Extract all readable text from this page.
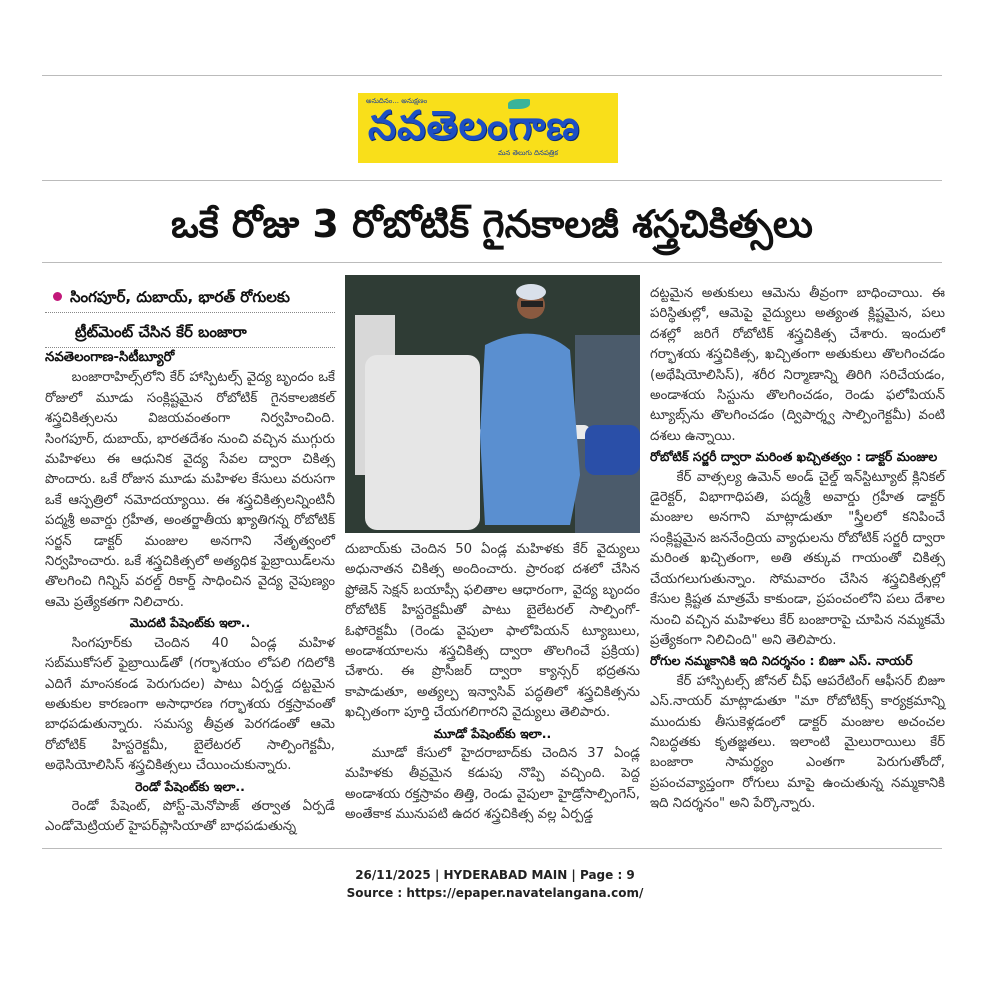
అనుదినం... అనుక్షణం
నవతెలంగాణ
మన తెలుగు దినపత్రిక
ఒకే రోజు 3 రోబోటిక్ గైనకాలజీ శస్త్రచికిత్సలు
సింగపూర్, దుబాయ్, భారత్ రోగులకు
ట్రీట్‌మెంట్ చేసిన కేర్ బంజారా
నవతెలంగాణ-సిటీబ్యూరో

బంజారాహిల్స్‌లోని కేర్ హాస్పిటల్స్ వైద్య బృందం ఒకే రోజులో మూడు సంక్లిష్టమైన రోబోటిక్ గైనకాలజికల్ శస్త్రచికిత్సలను విజయవంతంగా నిర్వహించింది. సింగపూర్, దుబాయ్, భారతదేశం నుంచి వచ్చిన ముగ్గురు మహిళలు ఈ ఆధునిక వైద్య సేవల ద్వారా చికిత్స పొందారు. ఒకే రోజున మూడు మహిళల కేసులు వరుసగా ఒకే ఆస్పత్రిలో నమోదయ్యాయి. ఈ శస్త్రచికిత్సలన్నింటినీ పద్మశ్రీ అవార్డు గ్రహీత, అంతర్జాతీయ ఖ్యాతిగన్న రోబోటిక్ సర్జన్ డాక్టర్ మంజుల అనగాని నేతృత్వంలో నిర్వహించారు. ఒకే శస్త్రచికిత్సలో అత్యధిక ఫైబ్రాయిడ్‌లను తొలగించి గిన్నిస్ వరల్డ్ రికార్డ్ సాధించిన వైద్య నైపుణ్యం ఆమె ప్రత్యేకతగా నిలిచారు.

మొదటి పేషెంట్‌కు ఇలా..

సింగపూర్‌కు చెందిన 40 ఏండ్ల మహిళ సబ్‌ముకోసల్ ఫైబ్రాయిడ్‌తో (గర్భాశయం లోపలి గదిలోకి ఎదిగే మాంసకండ పెరుగుదల) పాటు ఏర్పడ్డ దట్టమైన అతుకుల కారణంగా అసాధారణ గర్భాశయ రక్తస్రావంతో బాధపడుతున్నారు. సమస్య తీవ్రత పెరగడంతో ఆమె రోబోటిక్ హిస్టరెక్టమీ, బైలేటరల్ సాల్పింగెక్టమీ, అథెసియోలిసిస్ శస్త్రచికిత్సలు చేయించుకున్నారు.

రెండో పేషెంట్‌కు ఇలా..

రెండో పేషెంట్, పోస్ట్-మెనోపాజ్ తర్వాత ఏర్పడే ఎండోమెట్రియల్ హైపర్‌ప్లాసియాతో బాధపడుతున్న

దుబాయ్‌కు చెందిన 50 ఏండ్ల మహిళకు కేర్ వైద్యులు అధునాతన చికిత్స అందించారు. ప్రారంభ దశలో చేసిన ఫ్రోజెన్ సెక్షన్ బయాప్సీ ఫలితాల ఆధారంగా, వైద్య బృందం రోబోటిక్ హిస్టరెక్టమీతో పాటు బైలేటరల్ సాల్పింగో-ఓఫోరెక్టమీ (రెండు వైపులా ఫాలోపియన్ ట్యూబులు, అండాశయాలను శస్త్రచికిత్స ద్వారా తొలగించే ప్రక్రియ) చేశారు. ఈ ప్రొసీజర్ ద్వారా క్యాన్సర్ భద్రతను కాపాడుతూ, అత్యల్ప ఇన్వాసివ్ పద్ధతిలో శస్త్రచికిత్సను ఖచ్చితంగా పూర్తి చేయగలిగారని వైద్యులు తెలిపారు.

మూడో పేషెంట్‌కు ఇలా..

మూడో కేసులో హైదరాబాద్‌కు చెందిన 37 ఏండ్ల మహిళకు తీవ్రమైన కడుపు నొప్పి వచ్చింది. పెద్ద అండాశయ రక్తస్రావం తిత్తి, రెండు వైపులా హైడ్రోసాల్పింగెస్, అంతేకాక మునుపటి ఉదర శస్త్రచికిత్స వల్ల ఏర్పడ్డ

దట్టమైన అతుకులు ఆమెను తీవ్రంగా బాధించాయి. ఈ పరిస్థితుల్లో, ఆమెపై వైద్యులు అత్యంత క్లిష్టమైన, పలు దశల్లో జరిగే రోబోటిక్ శస్త్రచికిత్స చేశారు. ఇందులో గర్భాశయ శస్త్రచికిత్స, ఖచ్చితంగా అతుకులు తొలగించడం (అథేషియోలిసిస్), శరీర నిర్మాణాన్ని తిరిగి సరిచేయడం, అండాశయ సిస్టును తొలగించడం, రెండు ఫలోపియన్ ట్యూబ్స్‌ను తొలగించడం (ద్విపార్శ్వ సాల్పింగెక్టమీ) వంటి దశలు ఉన్నాయి.

రోబోటిక్ సర్జరీ ద్వారా మరింత ఖచ్చితత్వం : డాక్టర్ మంజుల

కేర్ వాత్సల్య ఉమెన్ అండ్ చైల్డ్ ఇన్‌స్టిట్యూట్ క్లినికల్ డైరెక్టర్, విభాగాధిపతి, పద్మశ్రీ అవార్డు గ్రహీత డాక్టర్ మంజుల అనగాని మాట్లాడుతూ "స్త్రీలలో కనిపించే సంక్లిష్టమైన జననేంద్రియ వ్యాధులను రోబోటిక్ సర్జరీ ద్వారా మరింత ఖచ్చితంగా, అతి తక్కువ గాయంతో చికిత్స చేయగలుగుతున్నాం. సోమవారం చేసిన శస్త్రచికిత్సల్లో కేసుల క్లిష్టత మాత్రమే కాకుండా, ప్రపంచంలోని పలు దేశాల నుంచి వచ్చిన మహిళలు కేర్ బంజారాపై చూపిన నమ్మకమే ప్రత్యేకంగా నిలిచింది" అని తెలిపారు.

రోగుల నమ్మకానికి ఇది నిదర్శనం : బిజూ ఎస్. నాయర్

కేర్ హాస్పిటల్స్ జోనల్ చీఫ్ ఆపరేటింగ్ ఆఫీసర్ బిజూ ఎస్.నాయర్ మాట్లాడుతూ "మా రోబోటిక్స్ కార్యక్రమాన్ని ముందుకు తీసుకెళ్లడంలో డాక్టర్ మంజుల అచంచల నిబద్ధతకు కృతజ్ఞతలు. ఇలాంటి మైలురాయిలు కేర్ బంజారా సామర్థ్యం ఎంతగా పెరుగుతోందో, ప్రపంచవ్యాప్తంగా రోగులు మాపై ఉంచుతున్న నమ్మకానికి ఇది నిదర్శనం" అని పేర్కొన్నారు.

26/11/2025 | HYDERABAD MAIN | Page : 9
Source : https://epaper.navatelangana.com/
